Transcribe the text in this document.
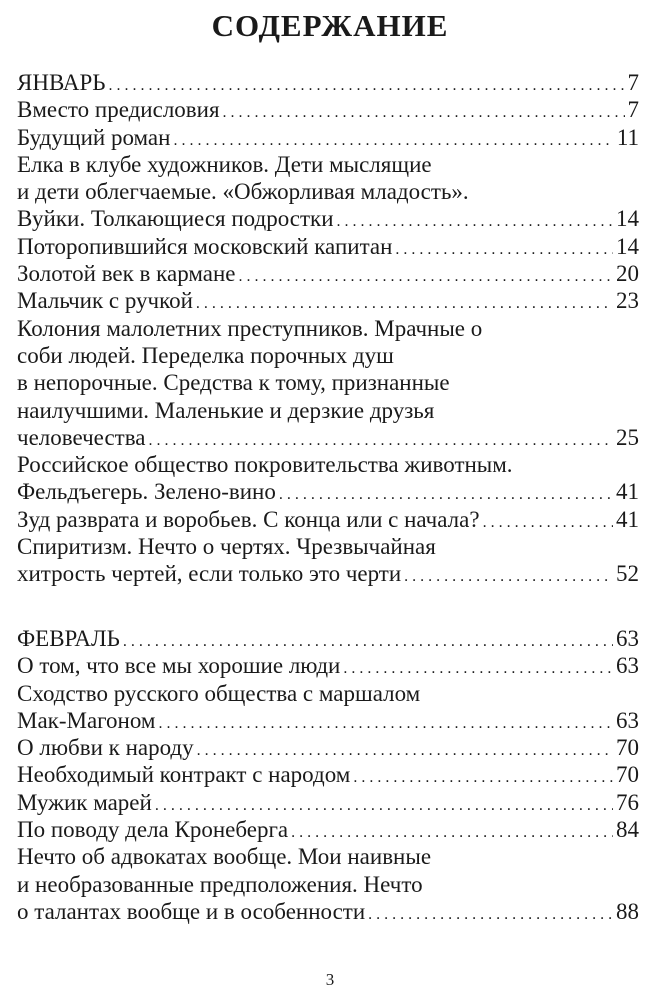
СОДЕРЖАНИЕ
ЯНВАРЬ . . .	7
Вместо предисловия . . .	7
Будущий роман . . .	11
Елка в клубе художников. Дети мыслящие
и дети облегчаемые. «Обжорливая младость».
Вуйки. Толкающиеся подростки . . .	14
Поторопившийся московский капитан . . .	14
Золотой век в кармане . . .	20
Мальчик с ручкой . . .	23
Колония малолетних преступников. Мрачные о
соби людей. Переделка порочных душ
в непорочные. Средства к тому, признанные
наилучшими. Маленькие и дерзкие друзья
человечества . . .	25
Российское общество покровительства животным.
Фельдъегерь. Зелено-вино . . .	41
Зуд разврата и воробьев. С конца или с начала? . . .	41
Спиритизм. Нечто о чертях. Чрезвычайная
хитрость чертей, если только это черти . . .	52
ФЕВРАЛЬ . . .	63
О том, что все мы хорошие люди . . .	63
Сходство русского общества с маршалом
Мак-Магоном . . .	63
О любви к народу . . .	70
Необходимый контракт с народом . . .	70
Мужик марей . . .	76
По поводу дела Кронеберга . . .	84
Нечто об адвокатах вообще. Мои наивные
и необразованные предположения. Нечто
о талантах вообще и в особенности . . .	88
3
